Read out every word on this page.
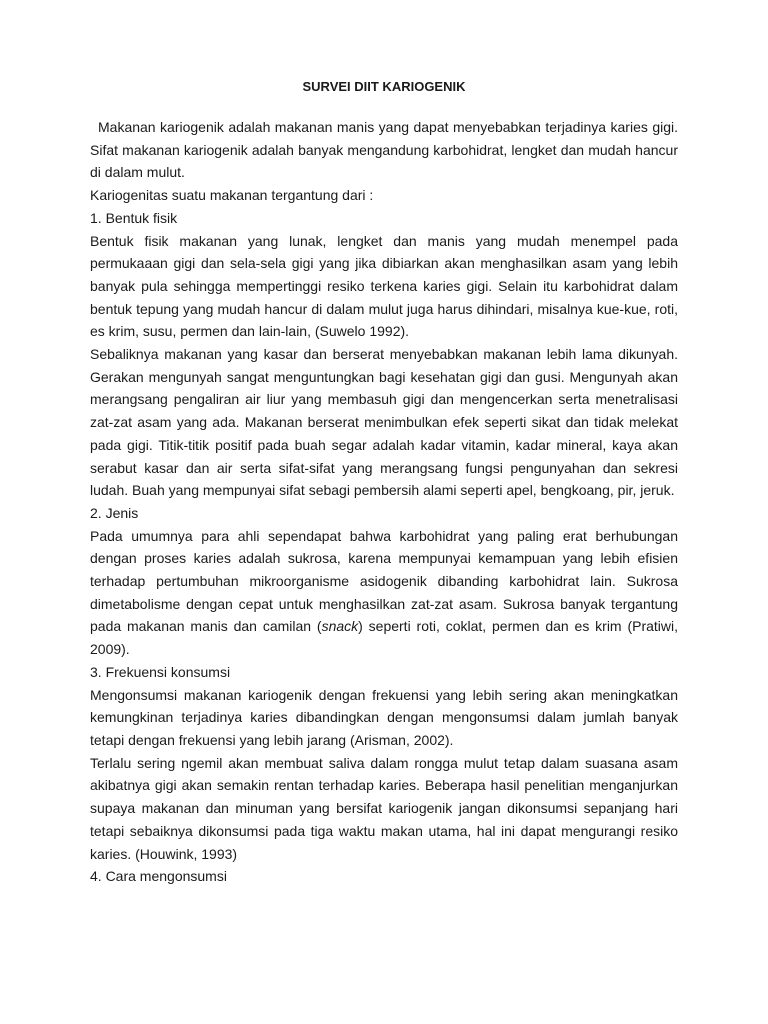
SURVEI DIIT KARIOGENIK

Makanan kariogenik adalah makanan manis yang dapat menyebabkan terjadinya karies gigi. Sifat makanan kariogenik adalah banyak mengandung karbohidrat, lengket dan mudah hancur di dalam mulut.

Kariogenitas suatu makanan tergantung dari :

1. Bentuk fisik

Bentuk fisik makanan yang lunak, lengket dan manis yang mudah menempel pada permukaaan gigi dan sela-sela gigi yang jika dibiarkan akan menghasilkan asam yang lebih banyak pula sehingga mempertinggi resiko terkena karies gigi. Selain itu karbohidrat dalam bentuk tepung yang mudah hancur di dalam mulut juga harus dihindari, misalnya kue-kue, roti, es krim, susu, permen dan lain-lain, (Suwelo 1992).

Sebaliknya makanan yang kasar dan berserat menyebabkan makanan lebih lama dikunyah. Gerakan mengunyah sangat menguntungkan bagi kesehatan gigi dan gusi. Mengunyah akan merangsang pengaliran air liur yang membasuh gigi dan mengencerkan serta menetralisasi zat-zat asam yang ada. Makanan berserat menimbulkan efek seperti sikat dan tidak melekat pada gigi. Titik-titik positif pada buah segar adalah kadar vitamin, kadar mineral, kaya akan serabut kasar dan air serta sifat-sifat yang merangsang fungsi pengunyahan dan sekresi ludah. Buah yang mempunyai sifat sebagi pembersih alami seperti apel, bengkoang, pir, jeruk.

2. Jenis

Pada umumnya para ahli sependapat bahwa karbohidrat yang paling erat berhubungan dengan proses karies adalah sukrosa, karena mempunyai kemampuan yang lebih efisien terhadap pertumbuhan mikroorganisme asidogenik dibanding karbohidrat lain. Sukrosa dimetabolisme dengan cepat untuk menghasilkan zat-zat asam. Sukrosa banyak tergantung pada makanan manis dan camilan (snack) seperti roti, coklat, permen dan es krim (Pratiwi, 2009).

3. Frekuensi konsumsi

Mengonsumsi makanan kariogenik dengan frekuensi yang lebih sering akan meningkatkan kemungkinan terjadinya karies dibandingkan dengan mengonsumsi dalam jumlah banyak tetapi dengan frekuensi yang lebih jarang (Arisman, 2002).

Terlalu sering ngemil akan membuat saliva dalam rongga mulut tetap dalam suasana asam akibatnya gigi akan semakin rentan terhadap karies. Beberapa hasil penelitian menganjurkan supaya makanan dan minuman yang bersifat kariogenik jangan dikonsumsi sepanjang hari tetapi sebaiknya dikonsumsi pada tiga waktu makan utama, hal ini dapat mengurangi resiko karies. (Houwink, 1993)

4. Cara mengonsumsi
